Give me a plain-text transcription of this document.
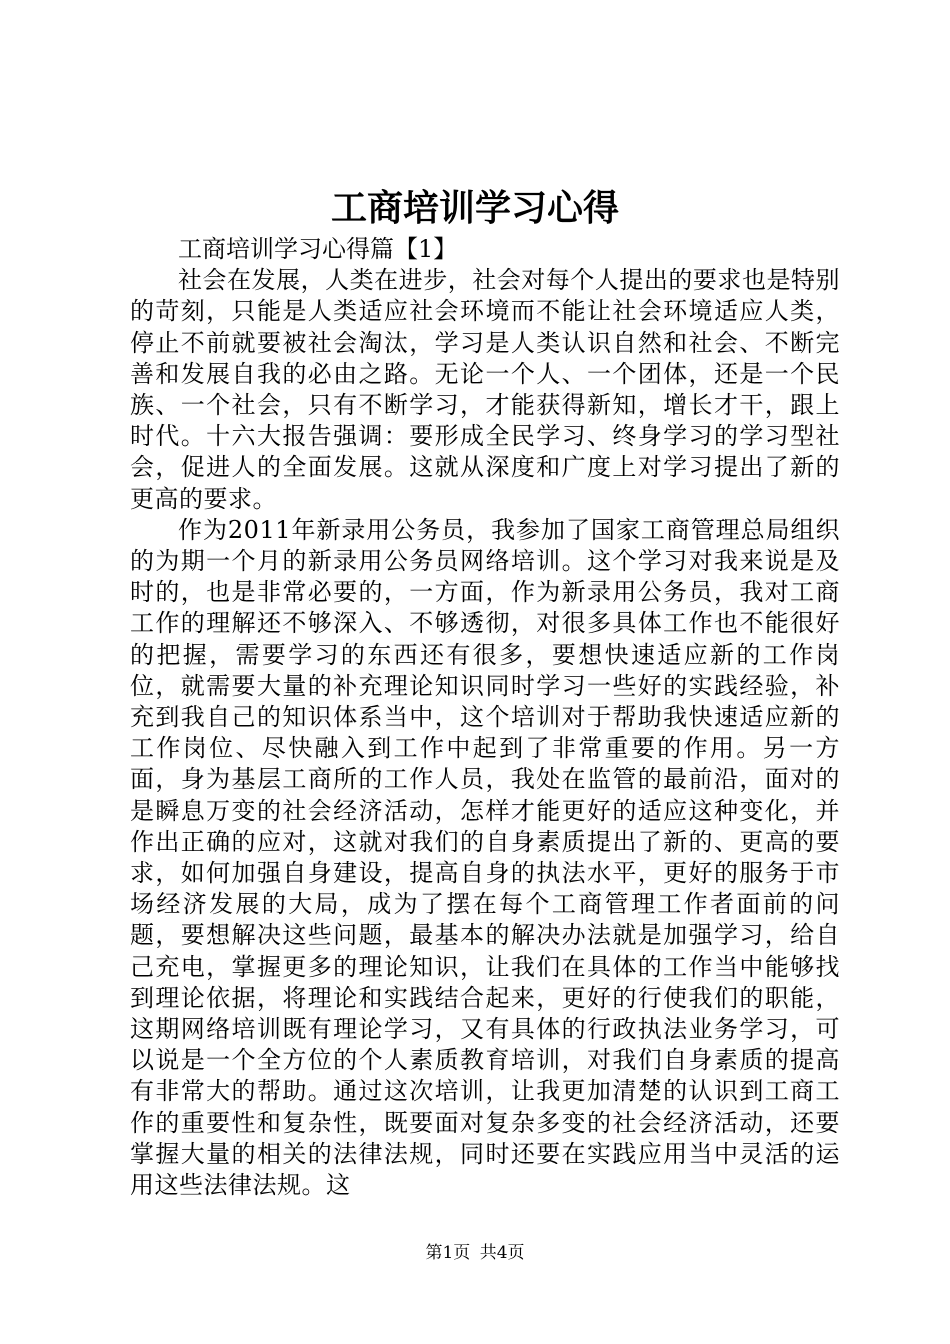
工商培训学习心得

工商培训学习心得篇【1】

社会在发展，人类在进步，社会对每个人提出的要求也是特别的苛刻，只能是人类适应社会环境而不能让社会环境适应人类，停止不前就要被社会淘汰，学习是人类认识自然和社会、不断完善和发展自我的必由之路。无论一个人、一个团体，还是一个民族、一个社会，只有不断学习，才能获得新知，增长才干，跟上时代。十六大报告强调：要形成全民学习、终身学习的学习型社会，促进人的全面发展。这就从深度和广度上对学习提出了新的更高的要求。

作为2011年新录用公务员，我参加了国家工商管理总局组织的为期一个月的新录用公务员网络培训。这个学习对我来说是及时的，也是非常必要的，一方面，作为新录用公务员，我对工商工作的理解还不够深入、不够透彻，对很多具体工作也不能很好的把握，需要学习的东西还有很多，要想快速适应新的工作岗位，就需要大量的补充理论知识同时学习一些好的实践经验，补充到我自己的知识体系当中，这个培训对于帮助我快速适应新的工作岗位、尽快融入到工作中起到了非常重要的作用。另一方面，身为基层工商所的工作人员，我处在监管的最前沿，面对的是瞬息万变的社会经济活动，怎样才能更好的适应这种变化，并作出正确的应对，这就对我们的自身素质提出了新的、更高的要求，如何加强自身建设，提高自身的执法水平，更好的服务于市场经济发展的大局，成为了摆在每个工商管理工作者面前的问题，要想解决这些问题，最基本的解决办法就是加强学习，给自己充电，掌握更多的理论知识，让我们在具体的工作当中能够找到理论依据，将理论和实践结合起来，更好的行使我们的职能，这期网络培训既有理论学习，又有具体的行政执法业务学习，可以说是一个全方位的个人素质教育培训，对我们自身素质的提高有非常大的帮助。通过这次培训，让我更加清楚的认识到工商工作的重要性和复杂性，既要面对复杂多变的社会经济活动，还要掌握大量的相关的法律法规，同时还要在实践应用当中灵活的运用这些法律法规。这

第1页 共4页
